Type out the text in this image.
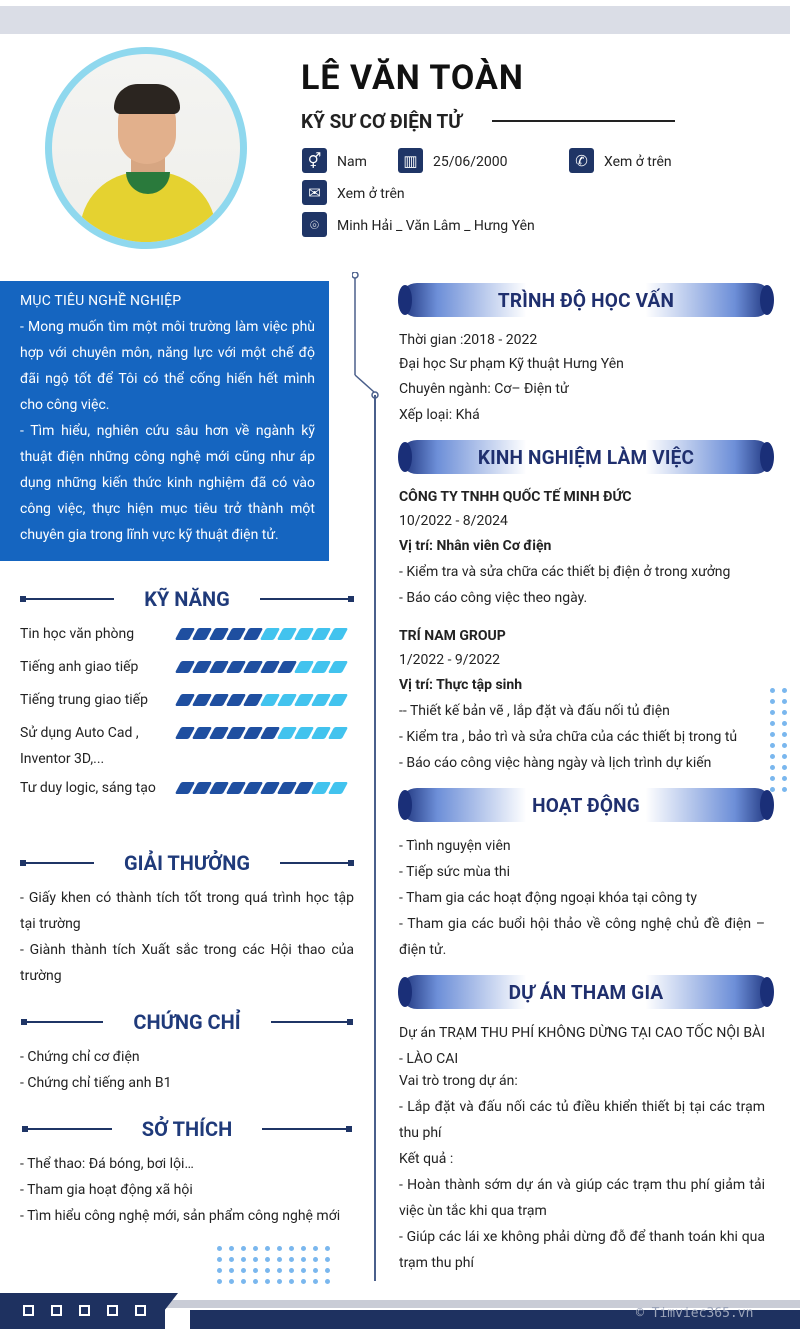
LÊ VĂN TOÀN
KỸ SƯ CƠ ĐIỆN TỬ
⚥	Nam	▥	25/06/2000	✆	Xem ở trên
✉	Xem ở trên
⌾	Minh Hải _ Văn Lâm _ Hưng Yên
MỤC TIÊU NGHỀ NGHIỆP
- Mong muốn tìm một môi trường làm việc phù hợp với chuyên môn, năng lực với một chế độ đãi ngộ tốt để Tôi có thể cống hiến hết mình cho công việc.
- Tìm hiểu, nghiên cứu sâu hơn về ngành kỹ thuật điện những công nghệ mới cũng như áp dụng những kiến thức kinh nghiệm đã có vào công việc, thực hiện mục tiêu trở thành một chuyên gia trong lĩnh vực kỹ thuật điện tử.
KỸ NĂNG
Tin học văn phòng
Tiếng anh giao tiếp
Tiếng trung giao tiếp
Sử dụng Auto Cad , Inventor 3D,...
Tư duy logic, sáng tạo
GIẢI THƯỞNG
- Giấy khen có thành tích tốt trong quá trình học tập tại trường
- Giành thành tích Xuất sắc trong các Hội thao của trường
CHỨNG CHỈ
- Chứng chỉ cơ điện
- Chứng chỉ tiếng anh B1
SỞ THÍCH
- Thể thao: Đá bóng, bơi lội…
- Tham gia hoạt động xã hội
- Tìm hiểu công nghệ mới, sản phẩm công nghệ mới
TRÌNH ĐỘ HỌC VẤN
Thời gian :2018 - 2022
Đại học Sư phạm Kỹ thuật Hưng Yên
Chuyên ngành: Cơ– Điện tử
Xếp loại: Khá
KINH NGHIỆM LÀM VIỆC
CÔNG TY TNHH QUỐC TẾ MINH ĐỨC
10/2022 - 8/2024
Vị trí: Nhân viên Cơ điện
- Kiểm tra và sửa chữa các thiết bị điện ở trong xưởng
- Báo cáo công việc theo ngày.
TRÍ NAM GROUP
1/2022 - 9/2022
Vị trí: Thực tập sinh
-- Thiết kế bản vẽ , lắp đặt và đấu nối tủ điện
- Kiểm tra , bảo trì và sửa chữa của các thiết bị trong tủ
- Báo cáo công việc hàng ngày và lịch trình dự kiến
HOẠT ĐỘNG
- Tình nguyện viên
- Tiếp sức mùa thi
- Tham gia các hoạt động ngoại khóa tại công ty
- Tham gia các buổi hội thảo về công nghệ chủ đề điện – điện tử.
DỰ ÁN THAM GIA
Dự án TRẠM THU PHÍ KHÔNG DỪNG TẠI CAO TỐC NỘI BÀI - LÀO CAI
Vai trò trong dự án:
- Lắp đặt và đấu nối các tủ điều khiển thiết bị tại các trạm thu phí
Kết quả :
- Hoàn thành sớm dự án và giúp các trạm thu phí giảm tải việc ùn tắc khi qua trạm
- Giúp các lái xe không phải dừng đỗ để thanh toán khi qua trạm thu phí
© Timviec365.vn
